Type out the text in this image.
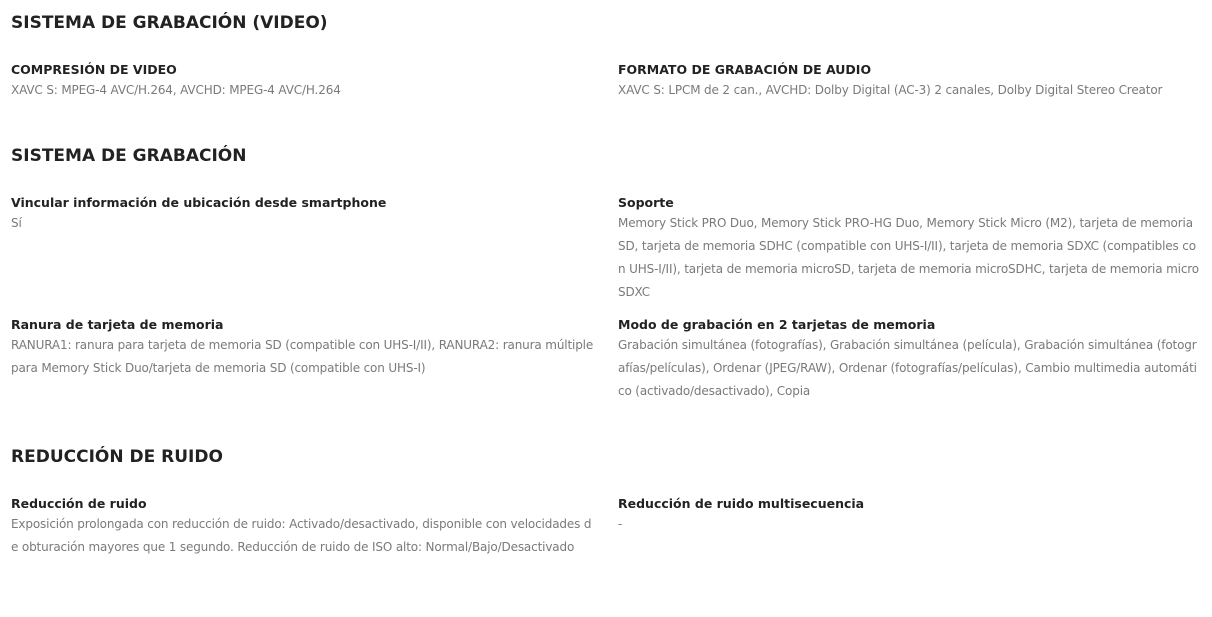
SISTEMA DE GRABACIÓN (VIDEO)

COMPRESIÓN DE VIDEO

XAVC S: MPEG-4 AVC/H.264, AVCHD: MPEG-4 AVC/H.264

FORMATO DE GRABACIÓN DE AUDIO

XAVC S: LPCM de 2 can., AVCHD: Dolby Digital (AC-3) 2 canales, Dolby Digital Stereo Creator

SISTEMA DE GRABACIÓN

Vincular información de ubicación desde smartphone

Sí

Soporte

Memory Stick PRO Duo, Memory Stick PRO-HG Duo, Memory Stick Micro (M2), tarjeta de memoria SD, tarjeta de memoria SDHC (compatible con UHS-I/II), tarjeta de memoria SDXC (compatibles con UHS-I/II), tarjeta de memoria microSD, tarjeta de memoria microSDHC, tarjeta de memoria microSDXC

Ranura de tarjeta de memoria

RANURA1: ranura para tarjeta de memoria SD (compatible con UHS-I/II), RANURA2: ranura múltiple para Memory Stick Duo/tarjeta de memoria SD (compatible con UHS-I)

Modo de grabación en 2 tarjetas de memoria

Grabación simultánea (fotografías), Grabación simultánea (película), Grabación simultánea (fotografías/películas), Ordenar (JPEG/RAW), Ordenar (fotografías/películas), Cambio multimedia automático (activado/desactivado), Copia

REDUCCIÓN DE RUIDO

Reducción de ruido

Exposición prolongada con reducción de ruido: Activado/desactivado, disponible con velocidades de obturación mayores que 1 segundo. Reducción de ruido de ISO alto: Normal/Bajo/Desactivado

Reducción de ruido multisecuencia

-
